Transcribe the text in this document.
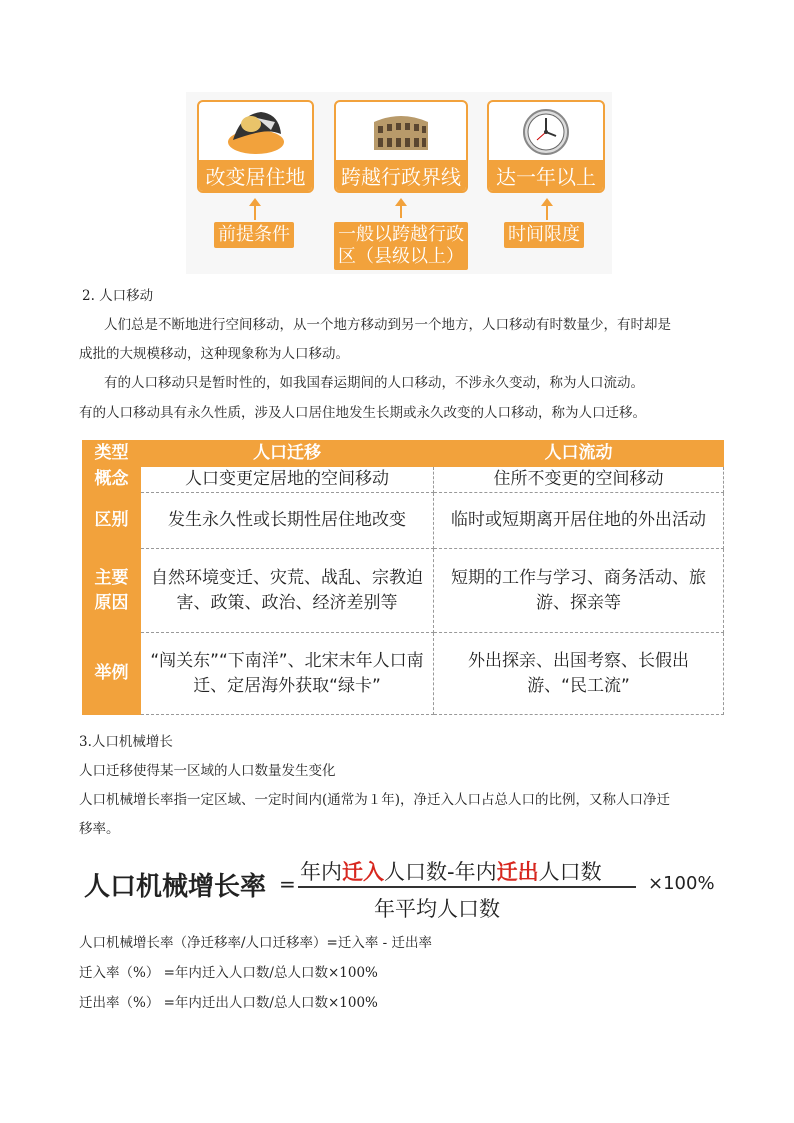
改变居住地	跨越行政界线	达一年以上
前提条件	一般以跨越行政区（县级以上）
时间限度
2. 人口移动
人们总是不断地进行空间移动，从一个地方移动到另一个地方，人口移动有时数量少，有时却是
成批的大规模移动，这种现象称为人口移动。
有的人口移动只是暂时性的，如我国春运期间的人口移动，不涉永久变动，称为人口流动。
有的人口移动具有永久性质，涉及人口居住地发生长期或永久改变的人口移动，称为人口迁移。
类型	人口迁移	人口流动
概念	人口变更定居地的空间移动	住所不变更的空间移动
区别	发生永久性或长期性居住地改变	临时或短期离开居住地的外出活动
主要原因	自然环境变迁、灾荒、战乱、宗教迫害、政策、政治、经济差别等	短期的工作与学习、商务活动、旅游、探亲等
举例	“闯关东”“下南洋”、北宋末年人口南迁、定居海外获取“绿卡”	外出探亲、出国考察、长假出游、“民工流”
3.人口机械增长
人口迁移使得某一区域的人口数量发生变化
人口机械增长率指一定区域、一定时间内(通常为１年)，净迁入人口占总人口的比例，又称人口净迁
移率。
人口机械增长率 = 年内迁入人口数-年内迁出人口数
年平均人口数
×100%
人口机械增长率（净迁移率/人口迁移率）=迁入率 - 迁出率
迁入率（%） =年内迁入人口数/总人口数×100%
迁出率（%） =年内迁出人口数/总人口数×100%
